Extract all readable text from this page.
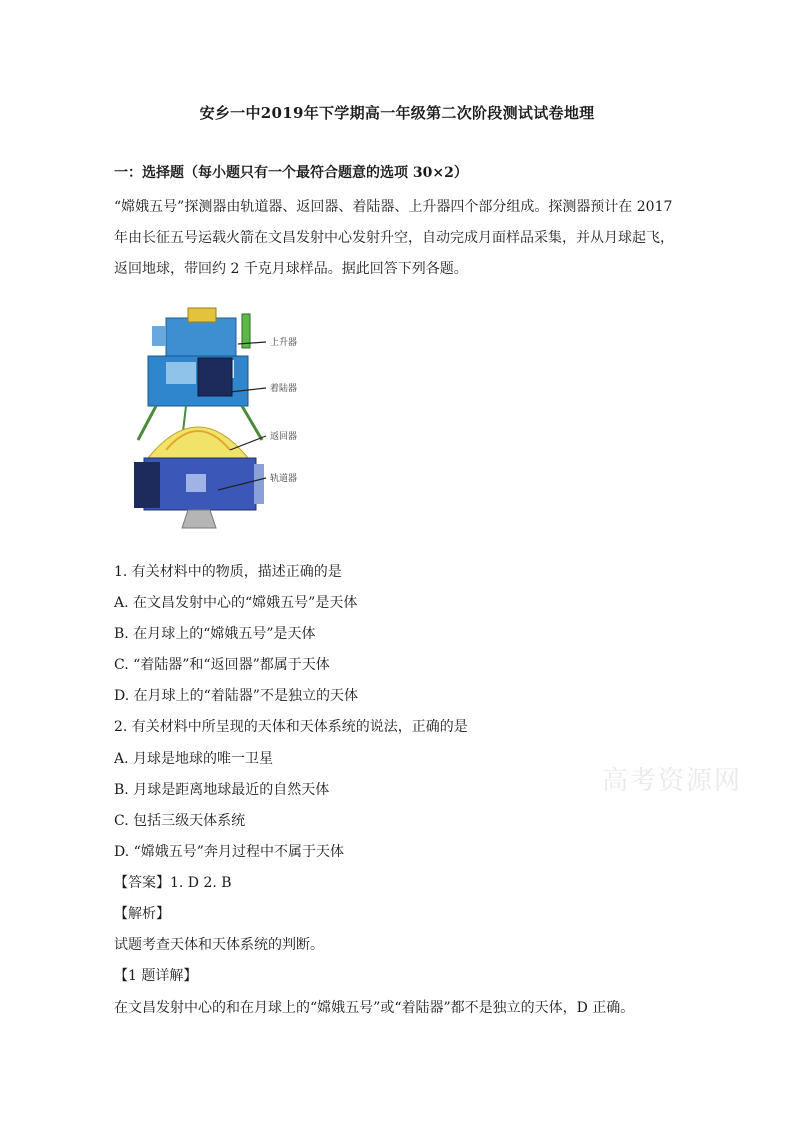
安乡一中2019年下学期高一年级第二次阶段测试试卷地理
一：选择题（每小题只有一个最符合题意的选项 30×2）
“嫦娥五号”探测器由轨道器、返回器、着陆器、上升器四个部分组成。探测器预计在 2017 年由长征五号运载火箭在文昌发射中心发射升空，自动完成月面样品采集，并从月球起飞，返回地球，带回约 2 千克月球样品。据此回答下列各题。
上升器
着陆器
返回器
轨道器
1. 有关材料中的物质，描述正确的是
A. 在文昌发射中心的“嫦娥五号”是天体
B. 在月球上的“嫦娥五号”是天体
C. “着陆器”和“返回器”都属于天体
D. 在月球上的“着陆器”不是独立的天体
2. 有关材料中所呈现的天体和天体系统的说法，正确的是
A. 月球是地球的唯一卫星
B. 月球是距离地球最近的自然天体
C. 包括三级天体系统
D. “嫦娥五号”奔月过程中不属于天体
【答案】1. D 2. B
【解析】
试题考查天体和天体系统的判断。
【1 题详解】
在文昌发射中心的和在月球上的“嫦娥五号”或“着陆器”都不是独立的天体，D 正确。
高考资源网
